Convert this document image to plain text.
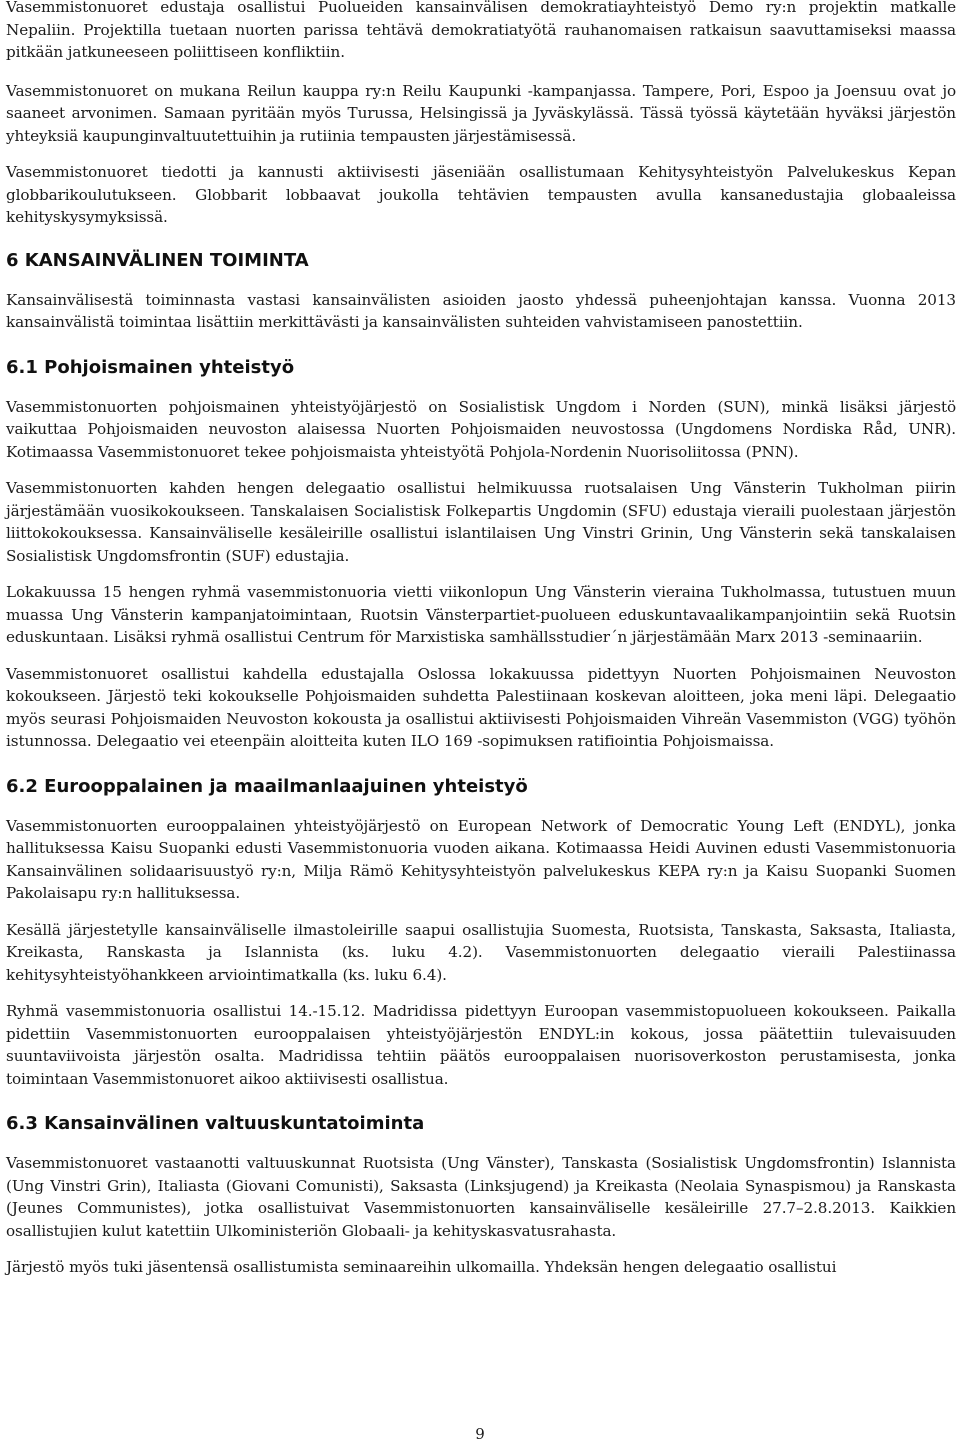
Vasemmistonuoret edustaja osallistui Puolueiden kansainvälisen demokratiayhteistyö Demo ry:n projektin matkalle Nepaliin. Projektilla tuetaan nuorten parissa tehtävä demokratiatyötä rauhanomaisen ratkaisun saavuttamiseksi maassa pitkään jatkuneeseen poliittiseen konfliktiin.

Vasemmistonuoret on mukana Reilun kauppa ry:n Reilu Kaupunki -kampanjassa. Tampere, Pori, Espoo ja Joensuu ovat jo saaneet arvonimen. Samaan pyritään myös Turussa, Helsingissä ja Jyväskylässä. Tässä työssä käytetään hyväksi järjestön yhteyksiä kaupunginvaltuutettuihin ja rutiinia tempausten järjestämisessä.

Vasemmistonuoret tiedotti ja kannusti aktiivisesti jäseniään osallistumaan Kehitysyhteistyön Palvelukeskus Kepan globbarikoulutukseen. Globbarit lobbaavat joukolla tehtävien tempausten avulla kansanedustajia globaaleissa kehityskysymyksissä.

6 KANSAINVÄLINEN TOIMINTA

Kansainvälisestä toiminnasta vastasi kansainvälisten asioiden jaosto yhdessä puheenjohtajan kanssa. Vuonna 2013 kansainvälistä toimintaa lisättiin merkittävästi ja kansainvälisten suhteiden vahvistamiseen panostettiin.

6.1 Pohjoismainen yhteistyö

Vasemmistonuorten pohjoismainen yhteistyöjärjestö on Sosialistisk Ungdom i Norden (SUN), minkä lisäksi järjestö vaikuttaa Pohjoismaiden neuvoston alaisessa Nuorten Pohjoismaiden neuvostossa (Ungdomens Nordiska Råd, UNR). Kotimaassa Vasemmistonuoret tekee pohjoismaista yhteistyötä Pohjola-Nordenin Nuorisoliitossa (PNN).

Vasemmistonuorten kahden hengen delegaatio osallistui helmikuussa ruotsalaisen Ung Vänsterin Tukholman piirin järjestämään vuosikokoukseen. Tanskalaisen Socialistisk Folkepartis Ungdomin (SFU) edustaja vieraili puolestaan järjestön liittokokouksessa. Kansainväliselle kesäleirille osallistui islantilaisen Ung Vinstri Grinin, Ung Vänsterin sekä tanskalaisen Sosialistisk Ungdomsfrontin (SUF) edustajia.

Lokakuussa 15 hengen ryhmä vasemmistonuoria vietti viikonlopun Ung Vänsterin vieraina Tukholmassa, tutustuen muun muassa Ung Vänsterin kampanjatoimintaan, Ruotsin Vänsterpartiet-puolueen eduskuntavaalikampanjointiin sekä Ruotsin eduskuntaan. Lisäksi ryhmä osallistui Centrum för Marxistiska samhällsstudier´n järjestämään Marx 2013 -seminaariin.

Vasemmistonuoret osallistui kahdella edustajalla Oslossa lokakuussa pidettyyn Nuorten Pohjoismainen Neuvoston kokoukseen. Järjestö teki kokoukselle Pohjoismaiden suhdetta Palestiinaan koskevan aloitteen, joka meni läpi. Delegaatio myös seurasi Pohjoismaiden Neuvoston kokousta ja osallistui aktiivisesti Pohjoismaiden Vihreän Vasemmiston (VGG) työhön istunnossa. Delegaatio vei eteenpäin aloitteita kuten ILO 169 -sopimuksen ratifiointia Pohjoismaissa.

6.2 Eurooppalainen ja maailmanlaajuinen yhteistyö

Vasemmistonuorten eurooppalainen yhteistyöjärjestö on European Network of Democratic Young Left (ENDYL), jonka hallituksessa Kaisu Suopanki edusti Vasemmistonuoria vuoden aikana. Kotimaassa Heidi Auvinen edusti Vasemmistonuoria Kansainvälinen solidaarisuustyö ry:n, Milja Rämö Kehitysyhteistyön palvelukeskus KEPA ry:n ja Kaisu Suopanki Suomen Pakolaisapu ry:n hallituksessa.

Kesällä järjestetylle kansainväliselle ilmastoleirille saapui osallistujia Suomesta, Ruotsista, Tanskasta, Saksasta, Italiasta, Kreikasta, Ranskasta ja Islannista (ks. luku 4.2). Vasemmistonuorten delegaatio vieraili Palestiinassa kehitysyhteistyöhankkeen arviointimatkalla (ks. luku 6.4).

Ryhmä vasemmistonuoria osallistui 14.-15.12. Madridissa pidettyyn Euroopan vasemmistopuolueen kokoukseen. Paikalla pidettiin Vasemmistonuorten eurooppalaisen yhteistyöjärjestön ENDYL:in kokous, jossa päätettiin tulevaisuuden suuntaviivoista järjestön osalta. Madridissa tehtiin päätös eurooppalaisen nuorisoverkoston perustamisesta, jonka toimintaan Vasemmistonuoret aikoo aktiivisesti osallistua.

6.3 Kansainvälinen valtuuskuntatoiminta

Vasemmistonuoret vastaanotti valtuuskunnat Ruotsista (Ung Vänster), Tanskasta (Sosialistisk Ungdomsfrontin) Islannista (Ung Vinstri Grin), Italiasta (Giovani Comunisti), Saksasta (Linksjugend) ja Kreikasta (Neolaia Synaspismou) ja Ranskasta (Jeunes Communistes), jotka osallistuivat Vasemmistonuorten kansainväliselle kesäleirille 27.7–2.8.2013. Kaikkien osallistujien kulut katettiin Ulkoministeriön Globaali- ja kehityskasvatusrahasta.

Järjestö myös tuki jäsentensä osallistumista seminaareihin ulkomailla. Yhdeksän hengen delegaatio osallistui

9
